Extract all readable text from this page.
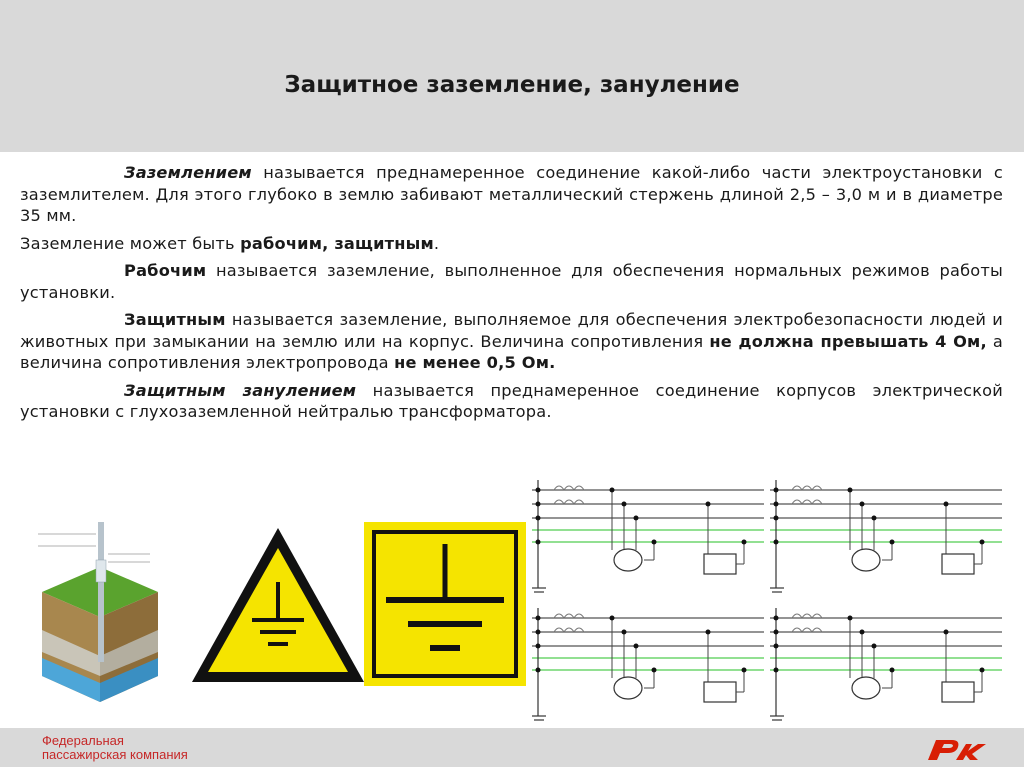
Защитное заземление, зануление

Заземлением называется преднамеренное соединение какой-либо части электроустановки с заземлителем. Для этого глубоко в землю забивают металлический стержень длиной 2,5 – 3,0 м и в диаметре 35 мм.

Заземление может быть рабочим, защитным.

Рабочим называется заземление, выполненное для обеспечения нормальных режимов работы установки.

Защитным называется заземление, выполняемое для обеспечения электробезопасности людей и животных при замыкании на землю или на корпус. Величина сопротивления не должна превышать 4 Ом, а величина сопротивления электропровода не менее 0,5 Ом.

Защитным занулением называется преднамеренное соединение корпусов электрической установки с глухозаземленной нейтралью трансформатора.

Федеральная
пассажирская компания
